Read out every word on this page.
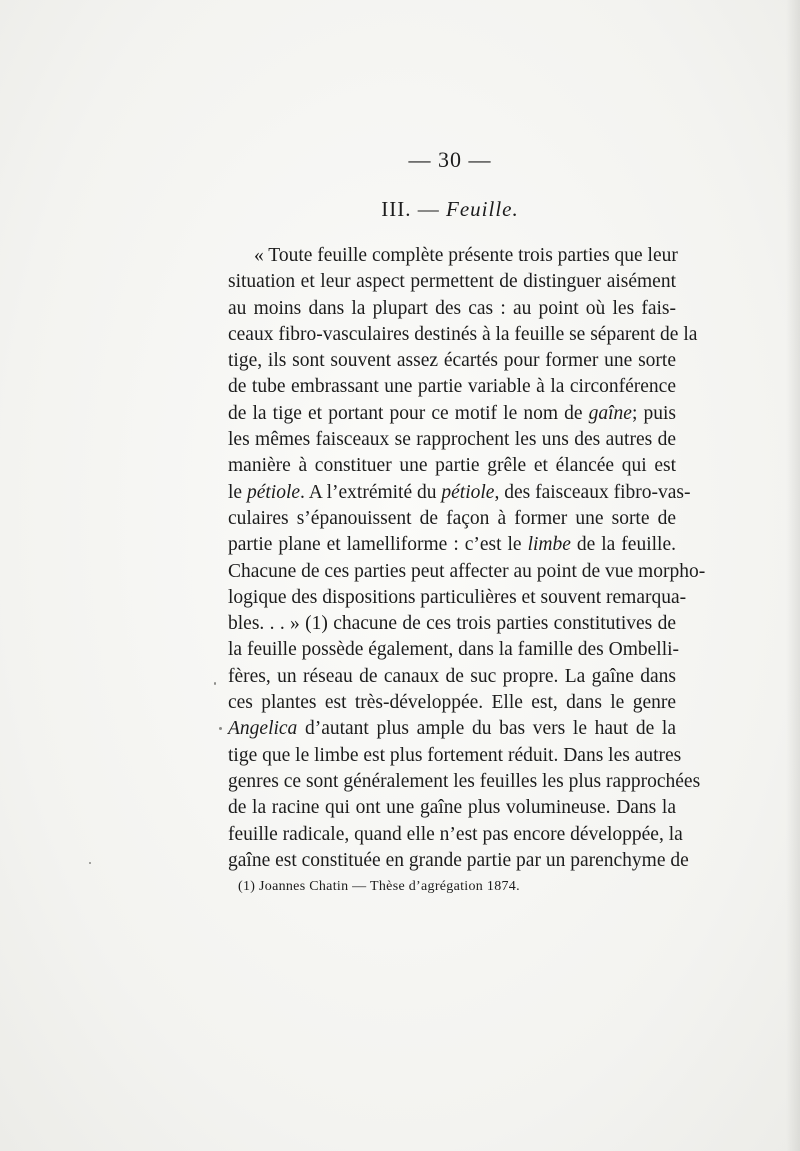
— 30 —
III. — Feuille.
« Toute feuille complète présente trois parties que leur
situation et leur aspect permettent de distinguer aisément
au moins dans la plupart des cas : au point où les fais-
ceaux fibro-vasculaires destinés à la feuille se séparent de la
tige, ils sont souvent assez écartés pour former une sorte
de tube embrassant une partie variable à la circonférence
de la tige et portant pour ce motif le nom de gaîne; puis
les mêmes faisceaux se rapprochent les uns des autres de
manière à constituer une partie grêle et élancée qui est
le pétiole. A l’extrémité du pétiole, des faisceaux fibro-vas-
culaires s’épanouissent de façon à former une sorte de
partie plane et lamelliforme : c’est le limbe de la feuille.
Chacune de ces parties peut affecter au point de vue morpho-
logique des dispositions particulières et souvent remarqua-
bles. . . » (1) chacune de ces trois parties constitutives de
la feuille possède également, dans la famille des Ombelli-
fères, un réseau de canaux de suc propre. La gaîne dans
ces plantes est très-développée. Elle est, dans le genre
Angelica d’autant plus ample du bas vers le haut de la
tige que le limbe est plus fortement réduit. Dans les autres
genres ce sont généralement les feuilles les plus rapprochées
de la racine qui ont une gaîne plus volumineuse. Dans la
feuille radicale, quand elle n’est pas encore développée, la
gaîne est constituée en grande partie par un parenchyme de
(1) Joannes Chatin — Thèse d’agrégation 1874.
